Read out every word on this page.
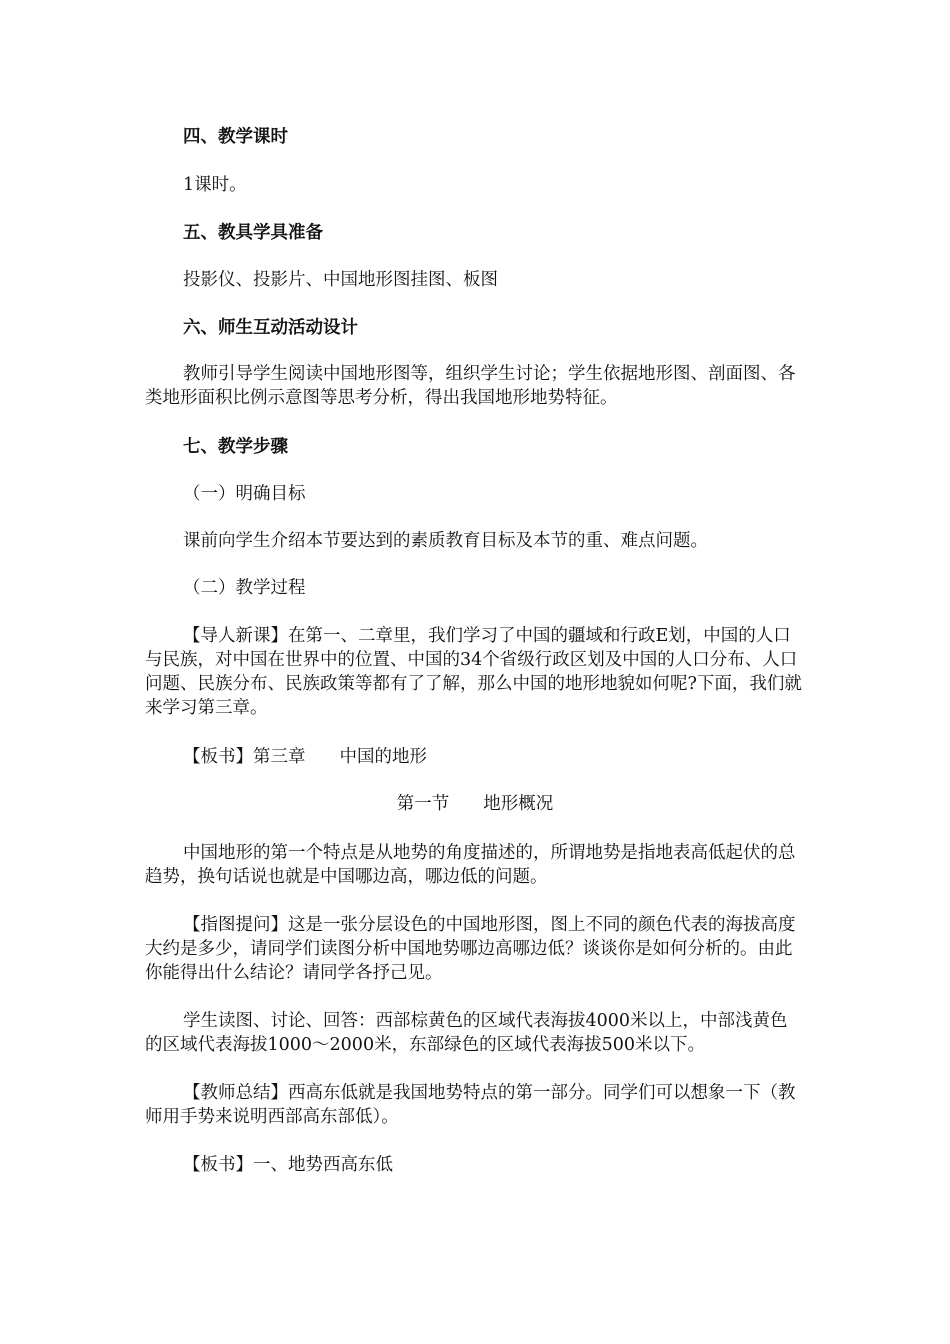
四、教学课时

1课时。

五、教具学具准备

投影仪、投影片、中国地形图挂图、板图

六、师生互动活动设计

教师引导学生阅读中国地形图等，组织学生讨论；学生依据地形图、剖面图、各类地形面积比例示意图等思考分析，得出我国地形地势特征。

七、教学步骤

（一）明确目标

课前向学生介绍本节要达到的素质教育目标及本节的重、难点问题。

（二）教学过程

【导人新课】在第一、二章里，我们学习了中国的疆域和行政E划，中国的人口与民族，对中国在世界中的位置、中国的34个省级行政区划及中国的人口分布、人口问题、民族分布、民族政策等都有了了解，那么中国的地形地貌如何呢?下面，我们就来学习第三章。

【板书】第三章 中国的地形

第一节 地形概况

中国地形的第一个特点是从地势的角度描述的，所谓地势是指地表高低起伏的总趋势，换句话说也就是中国哪边高，哪边低的问题。

【指图提问】这是一张分层设色的中国地形图，图上不同的颜色代表的海拔高度大约是多少，请同学们读图分析中国地势哪边高哪边低？谈谈你是如何分析的。由此你能得出什么结论？请同学各抒己见。

学生读图、讨论、回答：西部棕黄色的区域代表海拔4000米以上，中部浅黄色的区域代表海拔1000～2000米，东部绿色的区域代表海拔500米以下。

【教师总结】西高东低就是我国地势特点的第一部分。同学们可以想象一下（教师用手势来说明西部高东部低）。

【板书】一、地势西高东低
